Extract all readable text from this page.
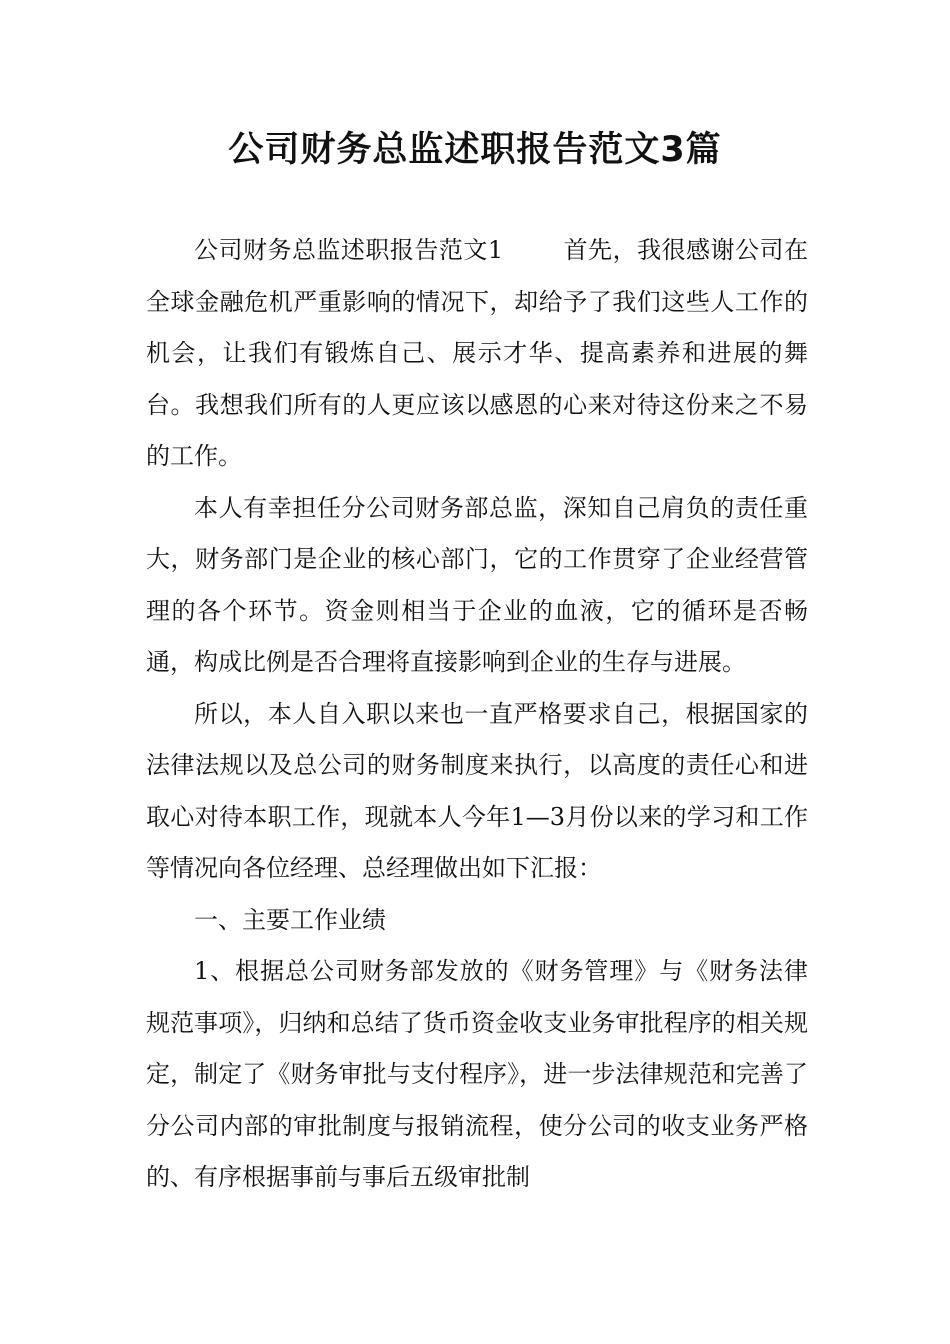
公司财务总监述职报告范文3篇

公司财务总监述职报告范文1	首先，我很感谢公司在全球金融危机严重影响的情况下，却给予了我们这些人工作的机会，让我们有锻炼自己、展示才华、提高素养和进展的舞台。我想我们所有的人更应该以感恩的心来对待这份来之不易的工作。

本人有幸担任分公司财务部总监，深知自己肩负的责任重大，财务部门是企业的核心部门，它的工作贯穿了企业经营管理的各个环节。资金则相当于企业的血液，它的循环是否畅通，构成比例是否合理将直接影响到企业的生存与进展。

所以，本人自入职以来也一直严格要求自己，根据国家的法律法规以及总公司的财务制度来执行，以高度的责任心和进取心对待本职工作，现就本人今年1—3月份以来的学习和工作等情况向各位经理、总经理做出如下汇报：

一、主要工作业绩

1、根据总公司财务部发放的《财务管理》与《财务法律规范事项》，归纳和总结了货币资金收支业务审批程序的相关规定，制定了《财务审批与支付程序》，进一步法律规范和完善了分公司内部的审批制度与报销流程，使分公司的收支业务严格的、有序根据事前与事后五级审批制
